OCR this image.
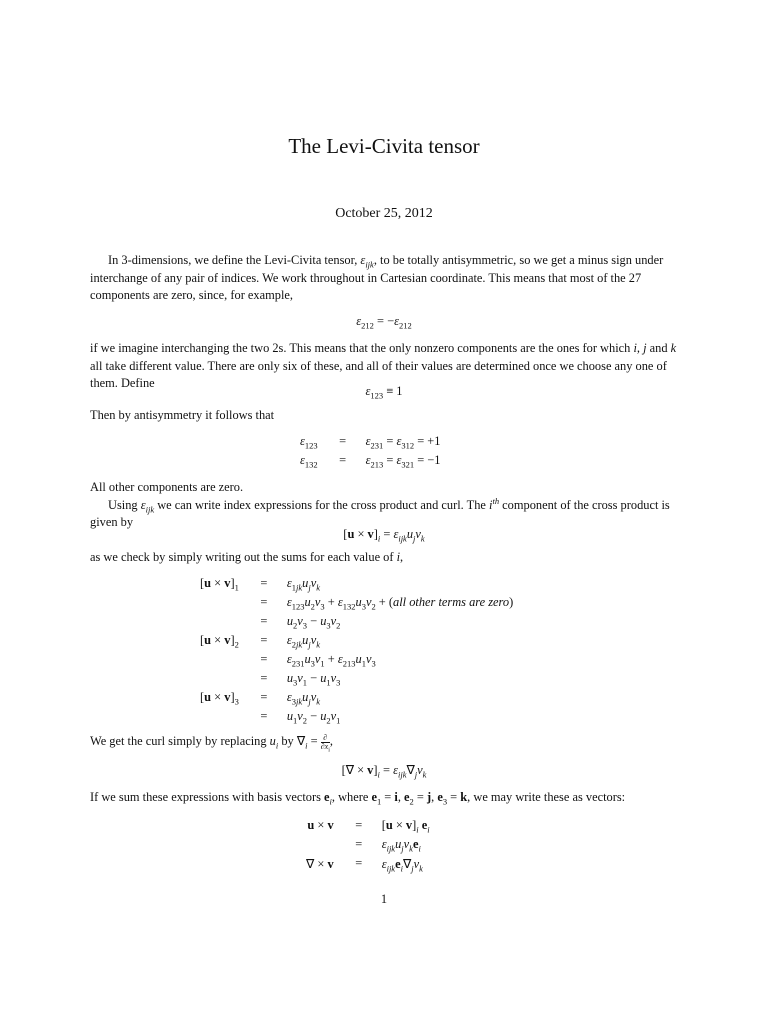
The Levi-Civita tensor
October 25, 2012

In 3-dimensions, we define the Levi-Civita tensor, $\varepsilon_{ijk}$, to be totally antisymmetric, so we get a minus sign under interchange of any pair of indices. We work throughout in Cartesian coordinate. This means that most of the 27 components are zero, since, for example,

$\varepsilon_{212} = -\varepsilon_{212}$

if we imagine interchanging the two 2s. This means that the only nonzero components are the ones for which i, j and k all take different value. There are only six of these, and all of their values are determined once we choose any one of them. Define

$\varepsilon_{123} \equiv 1$

Then by antisymmetry it follows that

$\varepsilon_{123}$	=	$\varepsilon_{231} = \varepsilon_{312} = +1$
$\varepsilon_{132}$	=	$\varepsilon_{213} = \varepsilon_{321} = -1$

All other components are zero.

Using $\varepsilon_{ijk}$ we can write index expressions for the cross product and curl. The $i^{th}$ component of the cross product is given by

$[u \times v]_i = \varepsilon_{ijk}u_jv_k$

as we check by simply writing out the sums for each value of i,

$[u \times v]_1$	=	$\varepsilon_{1jk}u_jv_k$
	=	$\varepsilon_{123}u_2v_3 + \varepsilon_{132}u_3v_2 + (all$ other terms are zero)
	=	$u_2v_3 - u_3v_2$
$[u \times v]_2$	=	$\varepsilon_{2jk}u_jv_k$
	=	$\varepsilon_{231}u_3v_1 + \varepsilon_{213}u_1v_3$
	=	$u_3v_1 - u_1v_3$
$[u \times v]_3$	=	$\varepsilon_{3jk}u_jv_k$
	=	$u_1v_2 - u_2v_1$

We get the curl simply by replacing $u_i$ by $\nabla_i = \frac{\partial}{\partial x_i}$ ,

[∇ × $v]_i = \varepsilon_{ijk}\nabla_jv_k$

If we sum these expressions with basis vectors $e_i$, where $e_1 = i$, $e_2 = j$, $e_3 = k$, we may write these as vectors:

u × v	=	$[u \times v]_i$ $e_i$
	=	$\varepsilon_{ijk}u_jv_ke_i$
∇ × v	=	$\varepsilon_{ijk}e_i\nabla_jv_k$
1
